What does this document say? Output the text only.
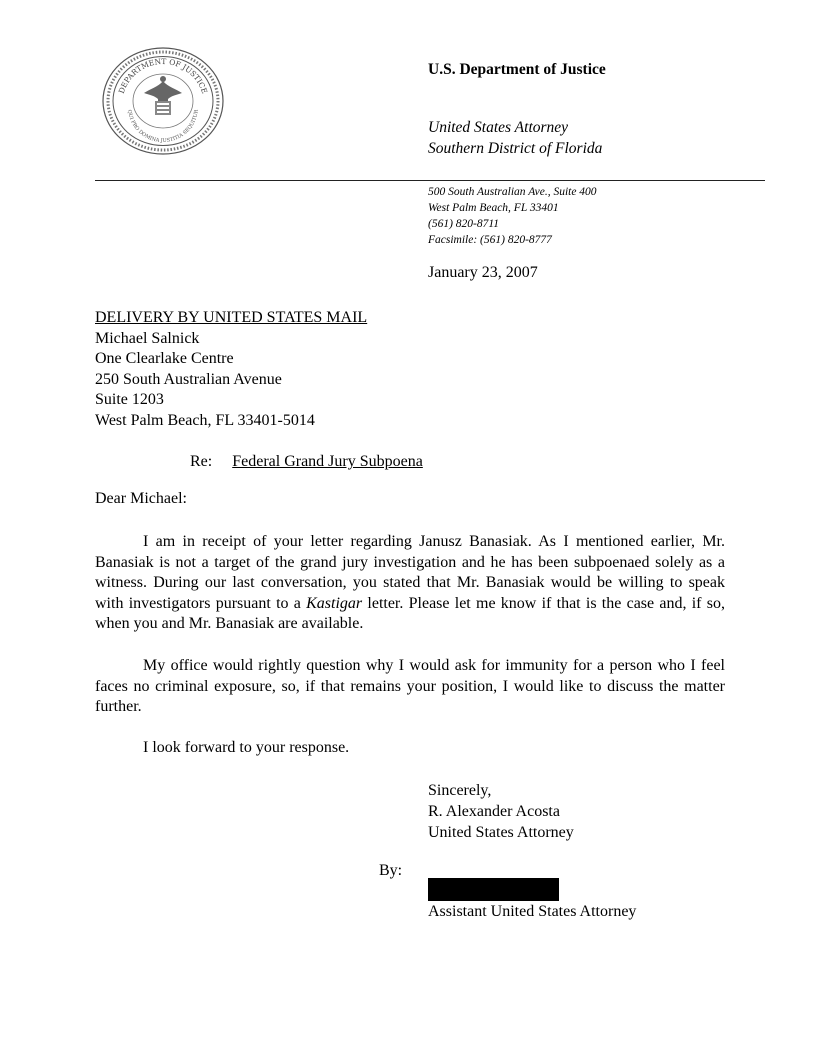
DEPARTMENT OF JUSTICE
QUI PRO DOMINA JUSTITIA SEQUITUR
U.S. Department of Justice
United States Attorney
Southern District of Florida
500 South Australian Ave., Suite 400
West Palm Beach, FL 33401
(561) 820-8711
Facsimile: (561) 820-8777
January 23, 2007
DELIVERY BY UNITED STATES MAIL
Michael Salnick
One Clearlake Centre
250 South Australian Avenue
Suite 1203
West Palm Beach, FL 33401-5014
Re: Federal Grand Jury Subpoena
Dear Michael:

I am in receipt of your letter regarding Janusz Banasiak. As I mentioned earlier, Mr. Banasiak is not a target of the grand jury investigation and he has been subpoenaed solely as a witness. During our last conversation, you stated that Mr. Banasiak would be willing to speak with investigators pursuant to a Kastigar letter. Please let me know if that is the case and, if so, when you and Mr. Banasiak are available.

My office would rightly question why I would ask for immunity for a person who I feel faces no criminal exposure, so, if that remains your position, I would like to discuss the matter further.

I look forward to your response.

Sincerely,
R. Alexander Acosta
United States Attorney
By:
Assistant United States Attorney
